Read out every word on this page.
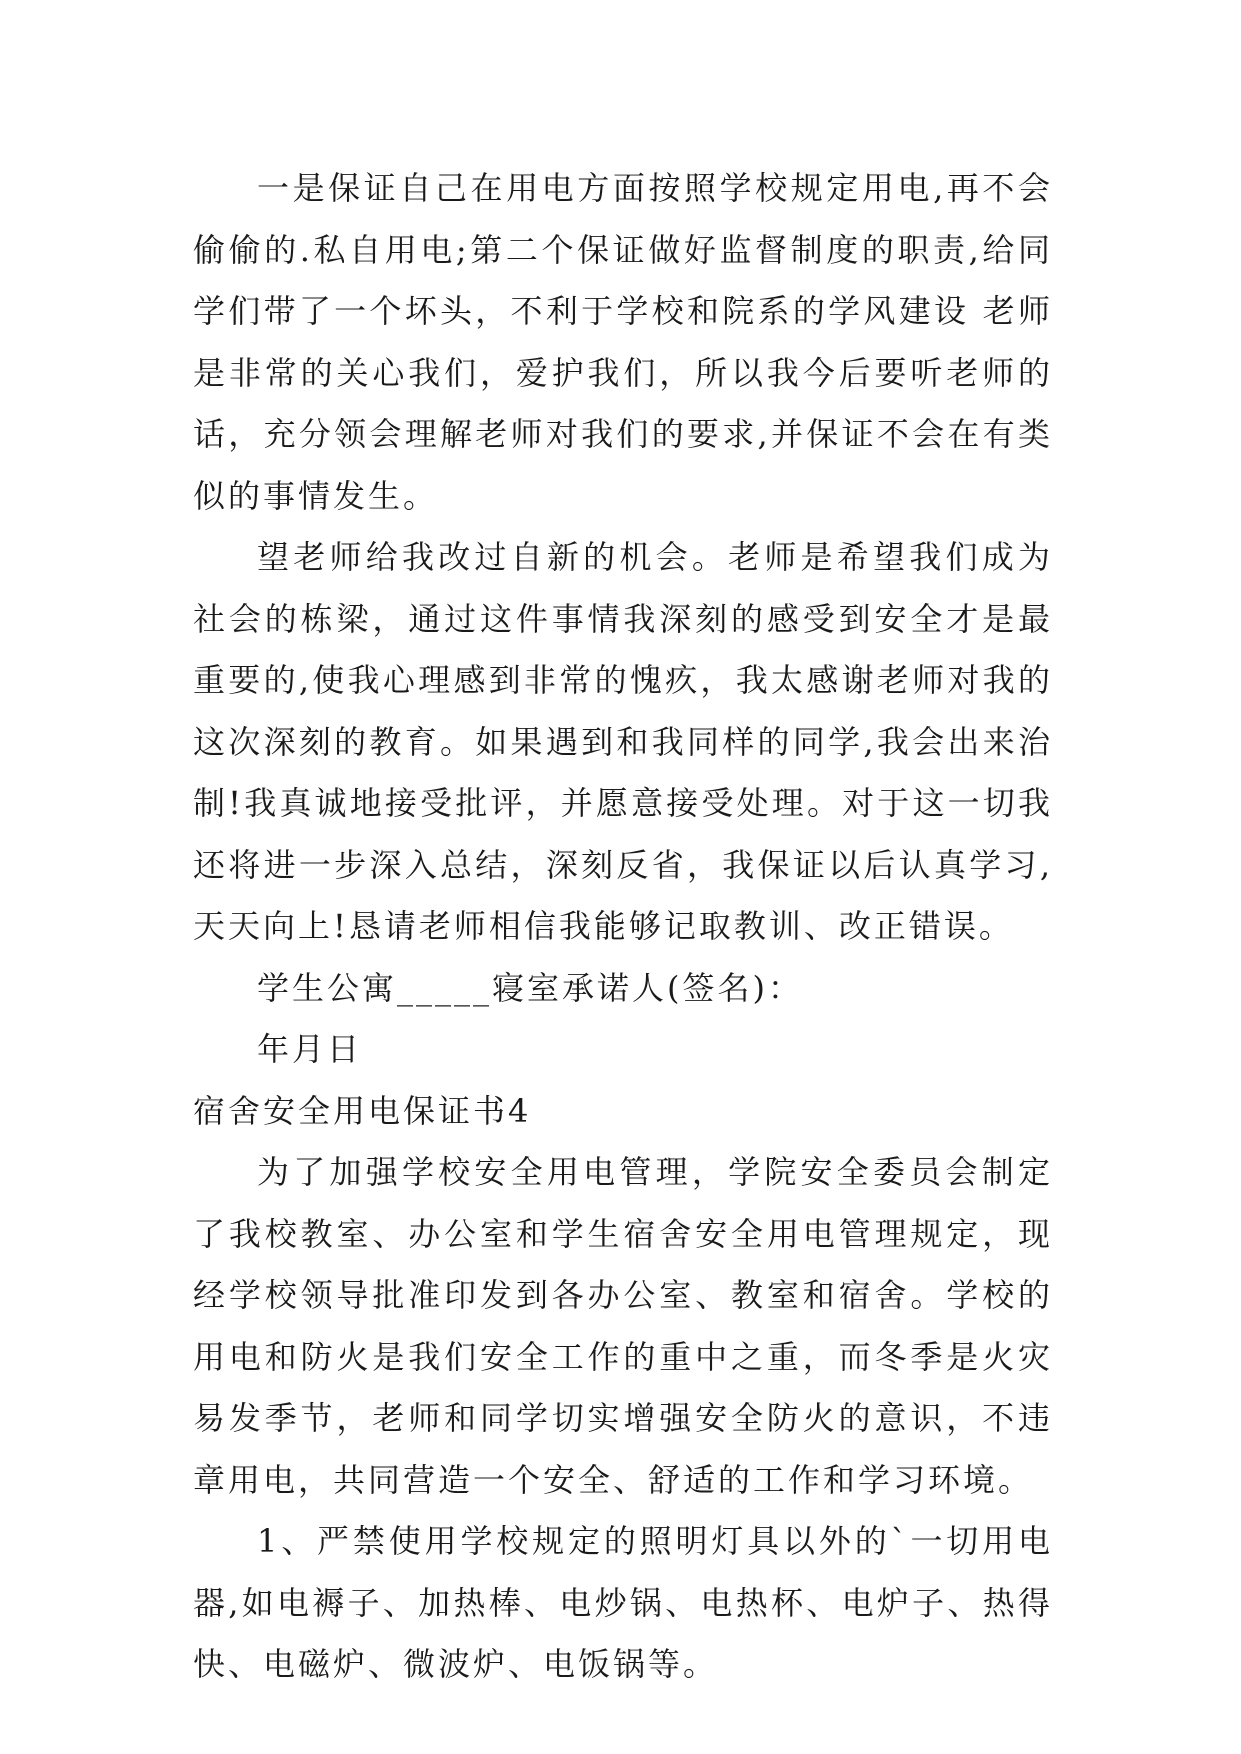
一是保证自己在用电方面按照学校规定用电,再不会偷偷的.私自用电;第二个保证做好监督制度的职责,给同学们带了一个坏头，不利于学校和院系的学风建设 老师是非常的关心我们，爱护我们，所以我今后要听老师的话，充分领会理解老师对我们的要求,并保证不会在有类似的事情发生。

望老师给我改过自新的机会。老师是希望我们成为社会的栋梁，通过这件事情我深刻的感受到安全才是最重要的,使我心理感到非常的愧疚，我太感谢老师对我的这次深刻的教育。如果遇到和我同样的同学,我会出来治制!我真诚地接受批评，并愿意接受处理。对于这一切我还将进一步深入总结，深刻反省，我保证以后认真学习,天天向上!恳请老师相信我能够记取教训、改正错误。

学生公寓_____寝室承诺人(签名)：

年月日

宿舍安全用电保证书4

为了加强学校安全用电管理，学院安全委员会制定了我校教室、办公室和学生宿舍安全用电管理规定，现经学校领导批准印发到各办公室、教室和宿舍。学校的用电和防火是我们安全工作的重中之重，而冬季是火灾易发季节，老师和同学切实增强安全防火的意识，不违章用电，共同营造一个安全、舒适的工作和学习环境。

1、严禁使用学校规定的照明灯具以外的`一切用电器,如电褥子、加热棒、电炒锅、电热杯、电炉子、热得快、电磁炉、微波炉、电饭锅等。
